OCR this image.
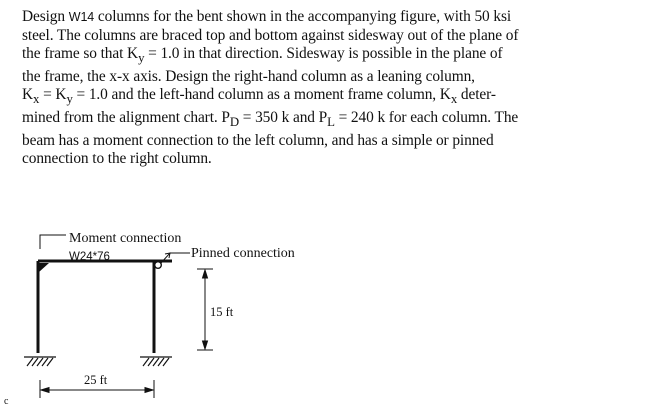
Design W14 columns for the bent shown in the accompanying figure, with 50 ksi
steel. The columns are braced top and bottom against sidesway out of the plane of
the frame so that $K_y = 1.0$ in that direction. Sidesway is possible in the plane of
the frame, the x-x axis. Design the right-hand column as a leaning column,
$K_x = K_y = 1.0$ and the left-hand column as a moment frame column, $K_x$ deter-
mined from the alignment chart. $P_D = 350$ k and $P_L = 240$ k for each column. The
beam has a moment connection to the left column, and has a simple or pinned
connection to the right column.
Moment connection
W24*76	Pinned connection
15 ft
25 ft
c
